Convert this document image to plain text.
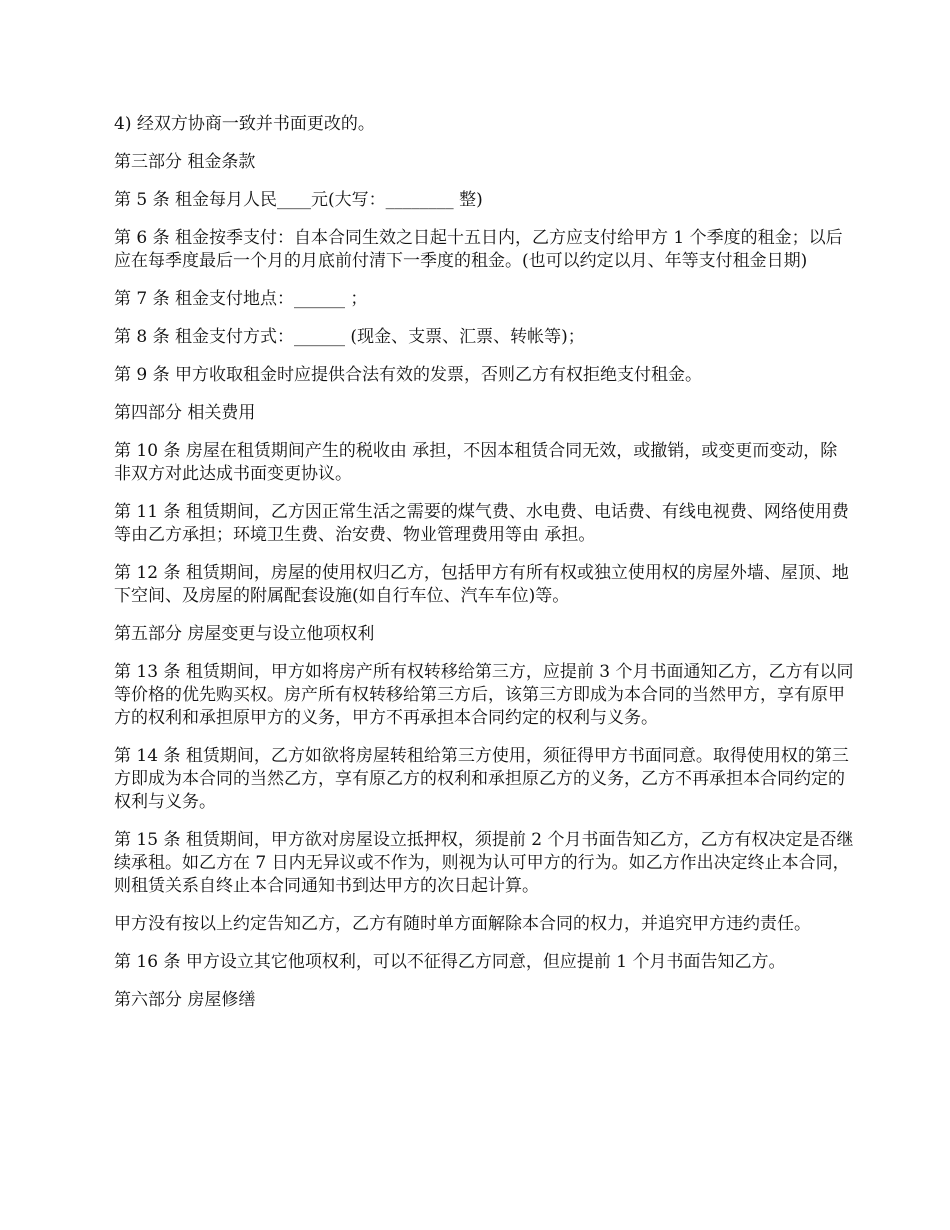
4) 经双方协商一致并书面更改的。

第三部分 租金条款

第 5 条 租金每月人民____元(大写：________ 整)

第 6 条 租金按季支付：自本合同生效之日起十五日内，乙方应支付给甲方 1 个季度的租金；以后应在每季度最后一个月的月底前付清下一季度的租金。(也可以约定以月、年等支付租金日期)

第 7 条 租金支付地点：______ ；

第 8 条 租金支付方式：______ (现金、支票、汇票、转帐等)；

第 9 条 甲方收取租金时应提供合法有效的发票，否则乙方有权拒绝支付租金。

第四部分 相关费用

第 10 条 房屋在租赁期间产生的税收由 承担，不因本租赁合同无效，或撤销，或变更而变动，除非双方对此达成书面变更协议。

第 11 条 租赁期间，乙方因正常生活之需要的煤气费、水电费、电话费、有线电视费、网络使用费等由乙方承担；环境卫生费、治安费、物业管理费用等由 承担。

第 12 条 租赁期间，房屋的使用权归乙方，包括甲方有所有权或独立使用权的房屋外墙、屋顶、地下空间、及房屋的附属配套设施(如自行车位、汽车车位)等。

第五部分 房屋变更与设立他项权利

第 13 条 租赁期间，甲方如将房产所有权转移给第三方，应提前 3 个月书面通知乙方，乙方有以同等价格的优先购买权。房产所有权转移给第三方后，该第三方即成为本合同的当然甲方，享有原甲方的权利和承担原甲方的义务，甲方不再承担本合同约定的权利与义务。

第 14 条 租赁期间，乙方如欲将房屋转租给第三方使用，须征得甲方书面同意。取得使用权的第三方即成为本合同的当然乙方，享有原乙方的权利和承担原乙方的义务，乙方不再承担本合同约定的权利与义务。

第 15 条 租赁期间，甲方欲对房屋设立抵押权，须提前 2 个月书面告知乙方，乙方有权决定是否继续承租。如乙方在 7 日内无异议或不作为，则视为认可甲方的行为。如乙方作出决定终止本合同，则租赁关系自终止本合同通知书到达甲方的次日起计算。

甲方没有按以上约定告知乙方，乙方有随时单方面解除本合同的权力，并追究甲方违约责任。

第 16 条 甲方设立其它他项权利，可以不征得乙方同意，但应提前 1 个月书面告知乙方。

第六部分 房屋修缮
